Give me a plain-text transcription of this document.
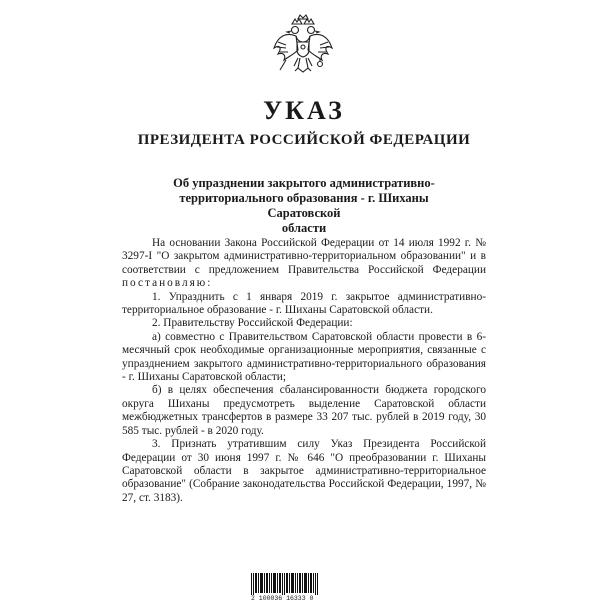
УКАЗ
ПРЕЗИДЕНТА РОССИЙСКОЙ ФЕДЕРАЦИИ
Об упразднении закрытого административно-
территориального образования - г. Шиханы Саратовской
области

На основании Закона Российской Федерации от 14 июля 1992 г. № 3297-I "О закрытом административно-территориальном образовании" и в соответствии с предложением Правительства Российской Федерации постановляю:

1. Упразднить с 1 января 2019 г. закрытое административно-территориальное образование - г. Шиханы Саратовской области.

2. Правительству Российской Федерации:

а) совместно с Правительством Саратовской области провести в 6-месячный срок необходимые организационные мероприятия, связанные с упразднением закрытого административно-территориального образования - г. Шиханы Саратовской области;

б) в целях обеспечения сбалансированности бюджета городского округа Шиханы предусмотреть выделение Саратовской области межбюджетных трансфертов в размере 33 207 тыс. рублей в 2019 году, 30 585 тыс. рублей - в 2020 году.

3. Признать утратившим силу Указ Президента Российской Федерации от 30 июня 1997 г. № 646 "О преобразовании г. Шиханы Саратовской области в закрытое административно-территориальное образование" (Собрание законодательства Российской Федерации, 1997, № 27, ст. 3183).

2 100036 16333 0
